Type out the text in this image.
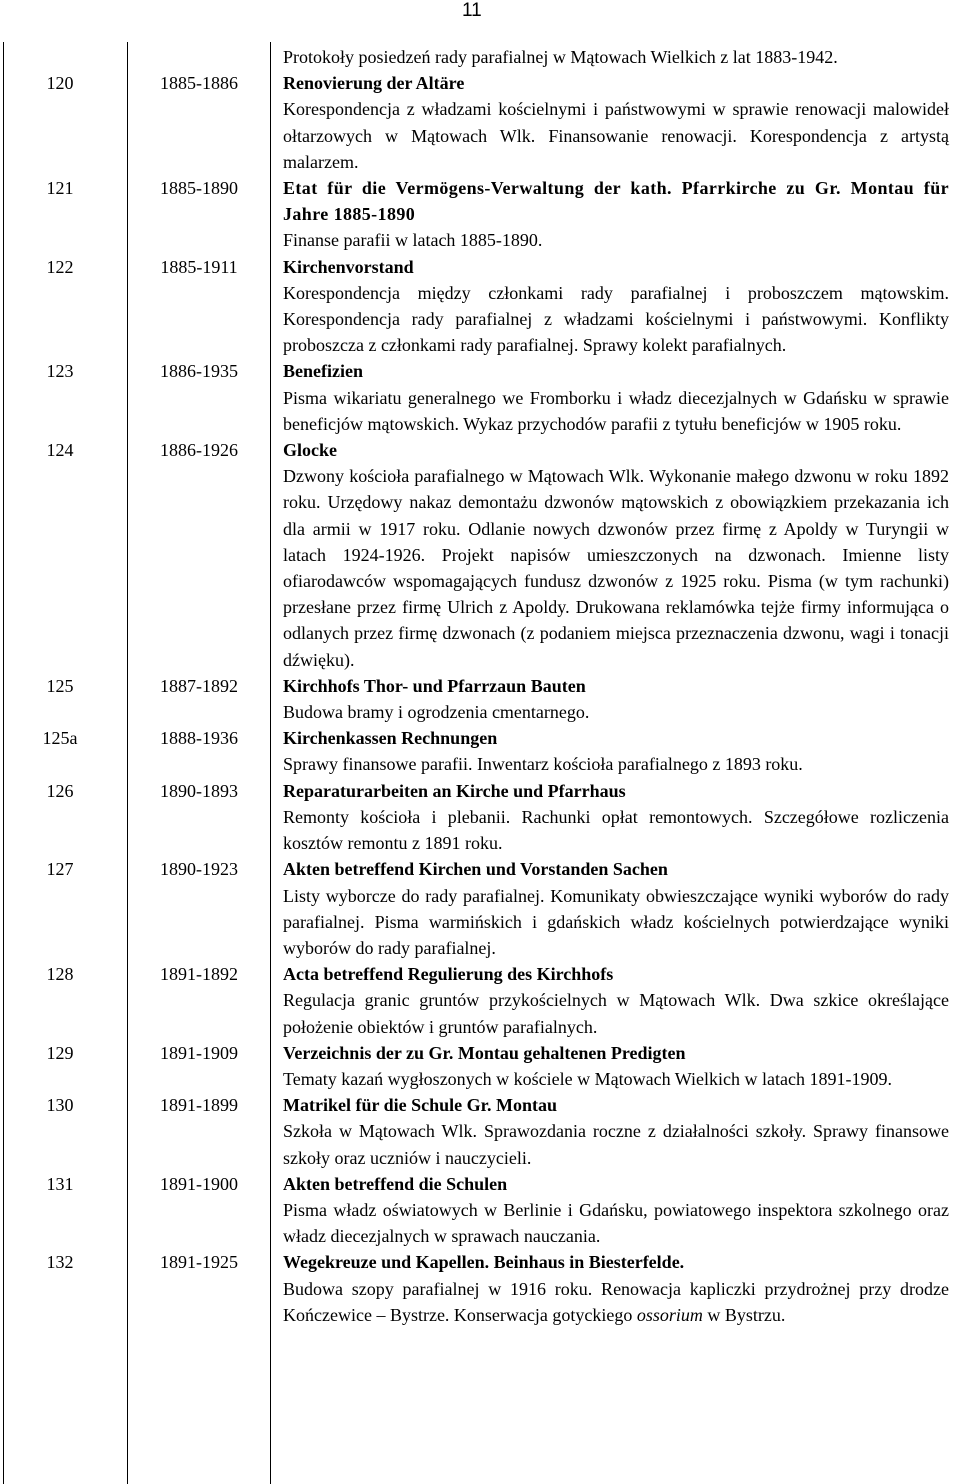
11
Protokoły posiedzeń rady parafialnej w Mątowach Wielkich z lat 1883-1942.
120	1885-1886	Renovierung der Altäre
Korespondencja z władzami kościelnymi i państwowymi w sprawie renowacji malowideł ołtarzowych w Mątowach Wlk. Finansowanie renowacji. Korespondencja z artystą malarzem.
121	1885-1890	Etat für die Vermögens-Verwaltung der kath. Pfarrkirche zu Gr. Montau für Jahre 1885-1890
Finanse parafii w latach 1885-1890.
122	1885-1911	Kirchenvorstand
Korespondencja między członkami rady parafialnej i proboszczem mątowskim. Korespondencja rady parafialnej z władzami kościelnymi i państwowymi. Konflikty proboszcza z członkami rady parafialnej. Sprawy kolekt parafialnych.
123	1886-1935	Benefizien
Pisma wikariatu generalnego we Fromborku i władz diecezjalnych w Gdańsku w sprawie beneficjów mątowskich. Wykaz przychodów parafii z tytułu beneficjów w 1905 roku.
124	1886-1926	Glocke
Dzwony kościoła parafialnego w Mątowach Wlk. Wykonanie małego dzwonu w roku 1892 roku. Urzędowy nakaz demontażu dzwonów mątowskich z obowiązkiem przekazania ich dla armii w 1917 roku. Odlanie nowych dzwonów przez firmę z Apoldy w Turyngii w latach 1924-1926. Projekt napisów umieszczonych na dzwonach. Imienne listy ofiarodawców wspomagających fundusz dzwonów z 1925 roku. Pisma (w tym rachunki) przesłane przez firmę Ulrich z Apoldy. Drukowana reklamówka tejże firmy informująca o odlanych przez firmę dzwonach (z podaniem miejsca przeznaczenia dzwonu, wagi i tonacji dźwięku).
125	1887-1892	Kirchhofs Thor- und Pfarrzaun Bauten
Budowa bramy i ogrodzenia cmentarnego.
125a	1888-1936	Kirchenkassen Rechnungen
Sprawy finansowe parafii. Inwentarz kościoła parafialnego z 1893 roku.
126	1890-1893	Reparaturarbeiten an Kirche und Pfarrhaus
Remonty kościoła i plebanii. Rachunki opłat remontowych. Szczegółowe rozliczenia kosztów remontu z 1891 roku.
127	1890-1923	Akten betreffend Kirchen und Vorstanden Sachen
Listy wyborcze do rady parafialnej. Komunikaty obwieszczające wyniki wyborów do rady parafialnej. Pisma warmińskich i gdańskich władz kościelnych potwierdzające wyniki wyborów do rady parafialnej.
128	1891-1892	Acta betreffend Regulierung des Kirchhofs
Regulacja granic gruntów przykościelnych w Mątowach Wlk. Dwa szkice określające położenie obiektów i gruntów parafialnych.
129	1891-1909	Verzeichnis der zu Gr. Montau gehaltenen Predigten
Tematy kazań wygłoszonych w kościele w Mątowach Wielkich w latach 1891-1909.
130	1891-1899	Matrikel für die Schule Gr. Montau
Szkoła w Mątowach Wlk. Sprawozdania roczne z działalności szkoły. Sprawy finansowe szkoły oraz uczniów i nauczycieli.
131	1891-1900	Akten betreffend die Schulen
Pisma władz oświatowych w Berlinie i Gdańsku, powiatowego inspektora szkolnego oraz władz diecezjalnych w sprawach nauczania.
132	1891-1925	Wegekreuze und Kapellen. Beinhaus in Biesterfelde.
Budowa szopy parafialnej w 1916 roku. Renowacja kapliczki przydrożnej przy drodze Kończewice – Bystrze. Konserwacja gotyckiego ossorium w Bystrzu.
